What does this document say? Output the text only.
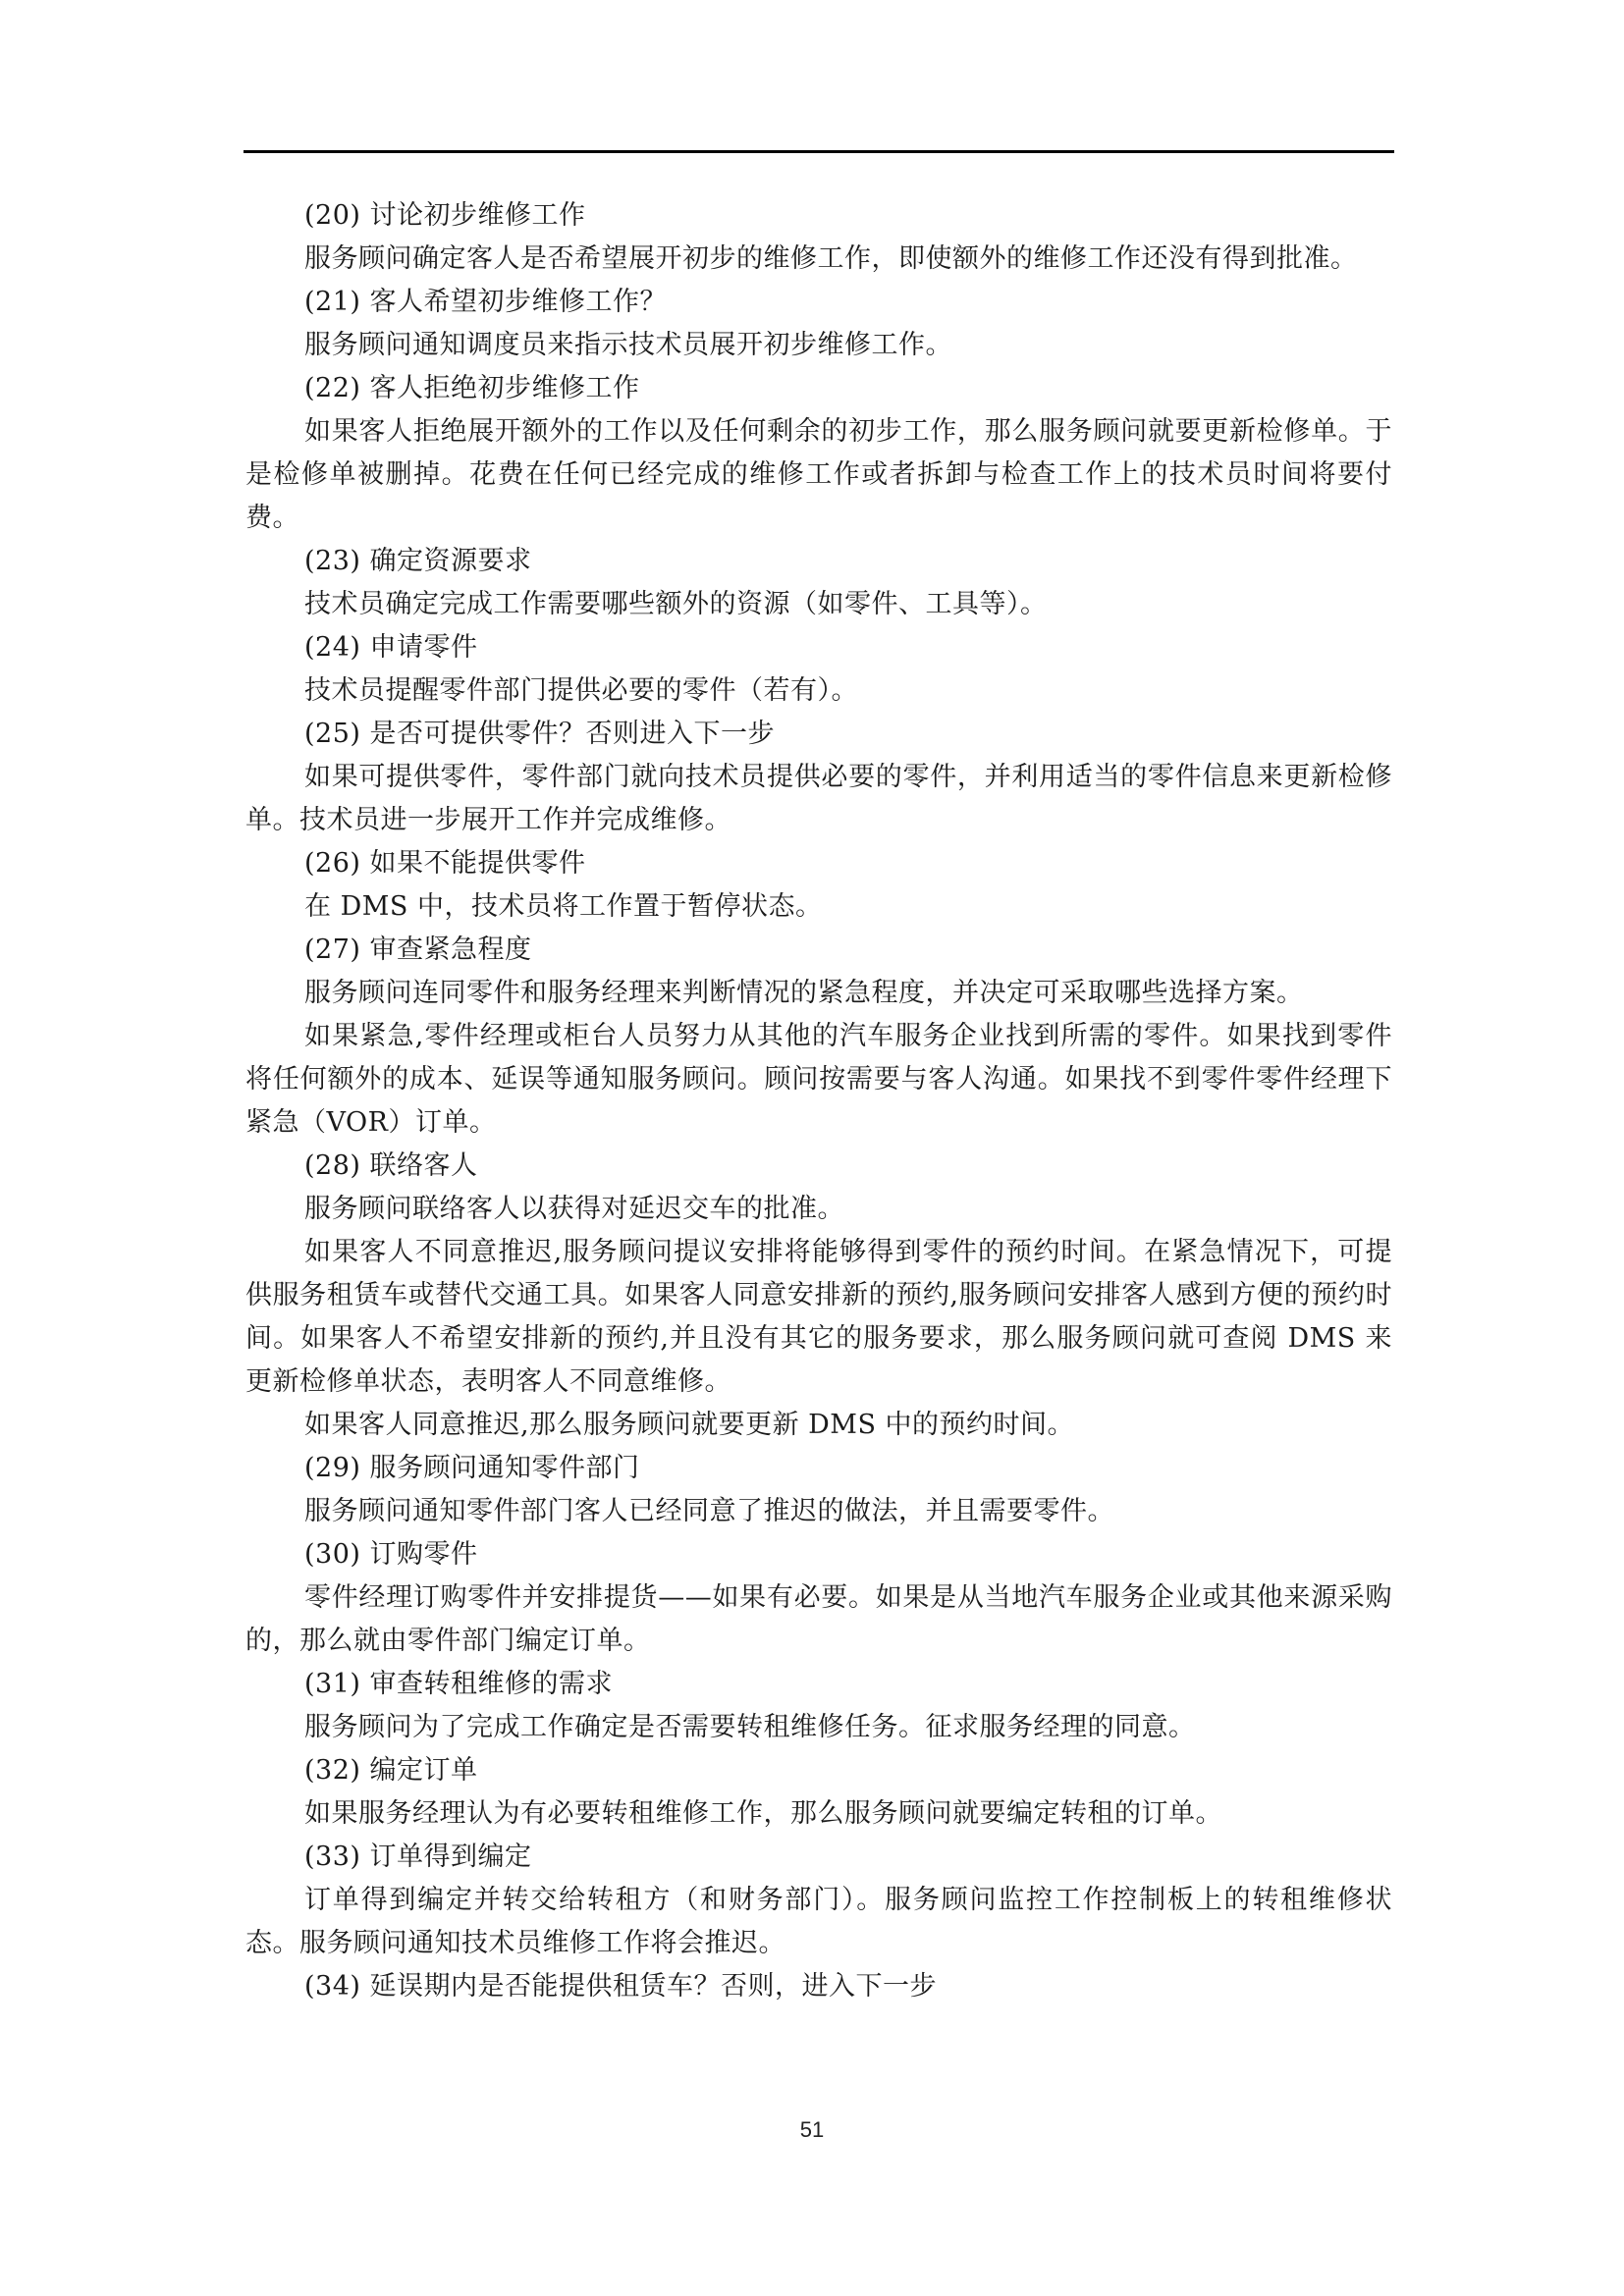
(20) 讨论初步维修工作

服务顾问确定客人是否希望展开初步的维修工作，即使额外的维修工作还没有得到批准。

(21) 客人希望初步维修工作？

服务顾问通知调度员来指示技术员展开初步维修工作。

(22) 客人拒绝初步维修工作

如果客人拒绝展开额外的工作以及任何剩余的初步工作，那么服务顾问就要更新检修单。于是检修单被删掉。花费在任何已经完成的维修工作或者拆卸与检查工作上的技术员时间将要付费。

(23) 确定资源要求

技术员确定完成工作需要哪些额外的资源（如零件、工具等）。

(24) 申请零件

技术员提醒零件部门提供必要的零件（若有）。

(25) 是否可提供零件？否则进入下一步

如果可提供零件，零件部门就向技术员提供必要的零件，并利用适当的零件信息来更新检修单。技术员进一步展开工作并完成维修。

(26) 如果不能提供零件

在 DMS 中，技术员将工作置于暂停状态。

(27) 审查紧急程度

服务顾问连同零件和服务经理来判断情况的紧急程度，并决定可采取哪些选择方案。

如果紧急,零件经理或柜台人员努力从其他的汽车服务企业找到所需的零件。如果找到零件将任何额外的成本、延误等通知服务顾问。顾问按需要与客人沟通。如果找不到零件零件经理下紧急（VOR）订单。

(28) 联络客人

服务顾问联络客人以获得对延迟交车的批准。

如果客人不同意推迟,服务顾问提议安排将能够得到零件的预约时间。在紧急情况下，可提供服务租赁车或替代交通工具。如果客人同意安排新的预约,服务顾问安排客人感到方便的预约时间。如果客人不希望安排新的预约,并且没有其它的服务要求，那么服务顾问就可查阅 DMS 来更新检修单状态，表明客人不同意维修。

如果客人同意推迟,那么服务顾问就要更新 DMS 中的预约时间。

(29) 服务顾问通知零件部门

服务顾问通知零件部门客人已经同意了推迟的做法，并且需要零件。

(30) 订购零件

零件经理订购零件并安排提货——如果有必要。如果是从当地汽车服务企业或其他来源采购的，那么就由零件部门编定订单。

(31) 审查转租维修的需求

服务顾问为了完成工作确定是否需要转租维修任务。征求服务经理的同意。

(32) 编定订单

如果服务经理认为有必要转租维修工作，那么服务顾问就要编定转租的订单。

(33) 订单得到编定

订单得到编定并转交给转租方（和财务部门）。服务顾问监控工作控制板上的转租维修状态。服务顾问通知技术员维修工作将会推迟。

(34) 延误期内是否能提供租赁车？否则，进入下一步

51
